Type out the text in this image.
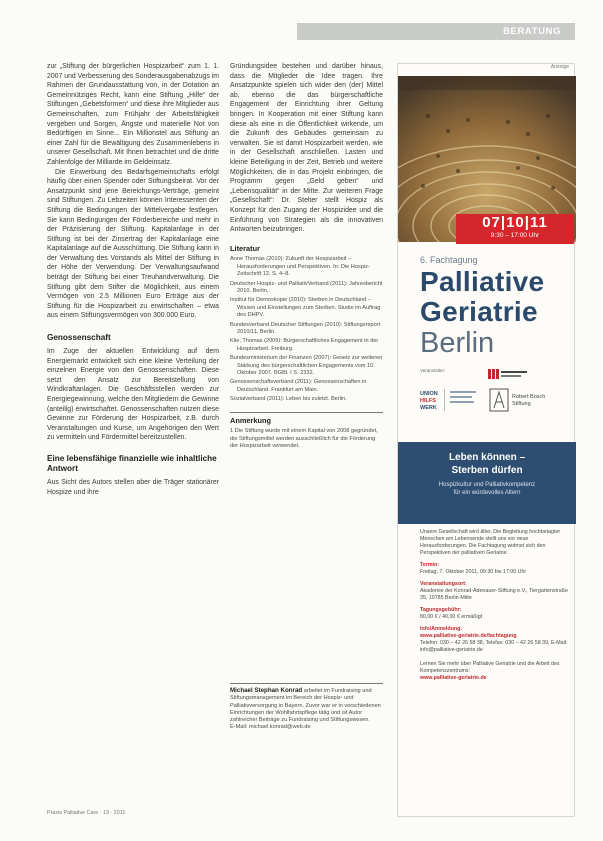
BERATUNG

zur „Stiftung der bürgerlichen Hospizarbeit“ zum 1. 1. 2007 und Verbesserung des Sonderausgabenabzugs im Rahmen der Grundausstattung von, in der Dotation an Gemeinnütziges Recht, kann eine Stiftung „Hilfe“ der Stiftungen „Gebetsformen“ und diese ihre Mitglieder aus Gemeinschaften, zum Frühjahr der Arbeitsfähigkeit vergeben und Sorgen, Ängste und materielle Not von Bedürftigen im Sinne... Ein Millionstel aus Stiftung an einer Zahl für die Bewältigung des Zusammenlebens in unserer Gesellschaft. Mit Ihnen betrachtet und die dritte Zahlenfolge der Milliarde im Geldeinsatz.

Die Einwerbung des Bedarfsgemeinschafts erfolgt häufig über einen Spender oder Stiftungsbeirat. Vor der Ansatzpunkt sind jene Bereichungs-Verträge, gemeint sind Stiftungen. Zu Lebzeiten können Interessenten der Stiftung die Bedingungen der Mittelvergabe festlegen. Sie kann Bedingungen der Förderbereiche und mehr in der Präzisierung der Stiftung. Kapitalanlage in der Stiftung ist bei der Zinsertrag der Kapitalanlage eine Kapitalanlage auf die Ausschüttung. Die Stiftung kann in der Verwaltung des Vorstands als Mittel der Stiftung in der Höhe der Verwendung. Der Verwaltungsaufwand beträgt der Stiftung bei einer Treuhandverwaltung. Die Stiftung gibt dem Stifter die Möglichkeit, aus einem Vermögen von 2.5 Millionen Euro Erträge aus der Stiftung für die Hospizarbeit zu erwirtschaften – etwa aus einem Stiftungsvermögen von 300.000 Euro.

Genossenschaft

Im Zuge der aktuellen Entwicklung auf dem Energiemarkt entwickelt sich eine kleine Verteilung der einzelnen Energie von den Genossenschaften. Diese setzt den Ansatz zur Bereitstellung von Windkraftanlagen. Die Geschäftsstellen werden zur Energiegewinnung, welche den Mitgliedern die Gewinne (anteilig) erwirtschaftet. Genossenschaften nutzen diese Gewinne zur Förderung der Hospizarbeit, z.B. durch Veranstaltungen und Kurse, um Angehörigen den Wert zu vermitteln und Fördermittel bereitzustellen.

Eine lebensfähige finanzielle wie inhaltliche Antwort

Aus Sicht des Autors stellen aber die Träger stationärer Hospize und ihre

Gründungsidee bestehen und darüber hinaus, dass die Mitglieder die Idee tragen. Ihre Ansatzpunkte spielen sich wider den (der) Mittel ab, ebenso die das bürgerschaftliche Engagement der Einrichtung ihrer Geltung bringen. In Kooperation mit einer Stiftung kann diese als eine in die Öffentlichkeit wirkende, um die Zukunft des Gebäudes gemeinsam zu verwalten. Sie ist damit Hospizarbeit werden, wie in der Gesellschaft anschließen. Lasten und kleine Beteiligung in der Zeit, Betrieb und weitere Möglichkeiten, die in das Projekt einbringen, die Programm gegen „Geld geben“ und „Lebensqualität“ in der Mitte. Zur weiteren Frage „Gesellschaft“: Dr. Stelter stellt Hospiz als Konzept für den Zugang der Hospizidee und die Einführung von Strategien als die innovativen Antworten beizubringen.

Literatur
Anne Thomas (2010): Zukunft der Hospizarbeit – Herausforderungen und Perspektiven. In: Die Hospiz-Zeitschrift 12, S. 4–8.
Deutscher Hospiz- und PalliativVerband (2011): Jahresbericht 2010. Berlin.
Institut für Demoskopie (2010): Sterben in Deutschland – Wissen und Einstellungen zum Sterben. Studie im Auftrag des DHPV.
Bundesverband Deutscher Stiftungen (2010): Stiftungsreport 2010/11. Berlin.
Klie, Thomas (2009): Bürgerschaftliches Engagement in der Hospizarbeit. Freiburg.
Bundesministerium der Finanzen (2007): Gesetz zur weiteren Stärkung des bürgerschaftlichen Engagements vom 10. Oktober 2007. BGBl. I S. 2332.
Genossenschaftsverband (2011): Genossenschaften in Deutschland. Frankfurt am Main.
Sozialverband (2011): Leben bis zuletzt. Berlin.
Anmerkung
1 Die Stiftung wurde mit einem Kapital von 2008 gegründet, die Stiftungsmittel werden ausschließlich für die Förderung der Hospizarbeit verwendet.
Michael Stephan Konrad arbeitet im Fundraising und Stiftungsmanagement im Bereich der Hospiz- und Palliativversorgung in Bayern. Zuvor war er in verschiedenen Einrichtungen der Wohlfahrtspflege tätig und ist Autor zahlreicher Beiträge zu Fundraising und Stiftungswesen.
E-Mail: michael.konrad@web.de
Praxis Palliative Care · 13 · 2011
Anzeige
07|10|11
9:30 – 17:00 Uhr
6. Fachtagung
Palliative
Geriatrie
Berlin
Veranstalter:
UNION
HILFS
WERK
Robert Bosch
Stiftung
Leben können –
Sterben dürfen
Hospizkultur und Palliativkompetenz
für ein würdevolles Altern
Unsere Gesellschaft wird älter. Die Begleitung hochbetagter Menschen am Lebensende stellt uns vor neue Herausforderungen. Die Fachtagung widmet sich den Perspektiven der palliativen Geriatrie.
Termin:
Freitag, 7. Oktober 2011, 09:30 bis 17:00 Uhr
Veranstaltungsort:
Akademie der Konrad-Adenauer-Stiftung e.V., Tiergartenstraße 35, 10785 Berlin-Mitte
Tagungsgebühr:
80,00 € / 40,00 € ermäßigt
Info/Anmeldung:
www.palliative-geriatrie.de/fachtagung
Telefon: 030 – 42 26 58 38, Telefax: 030 – 42 26 58 39, E-Mail: info@palliative-geriatrie.de

Lernen Sie mehr über Palliative Geriatrie und die Arbeit des Kompetenzzentrums:
www.palliative-geriatrie.de
